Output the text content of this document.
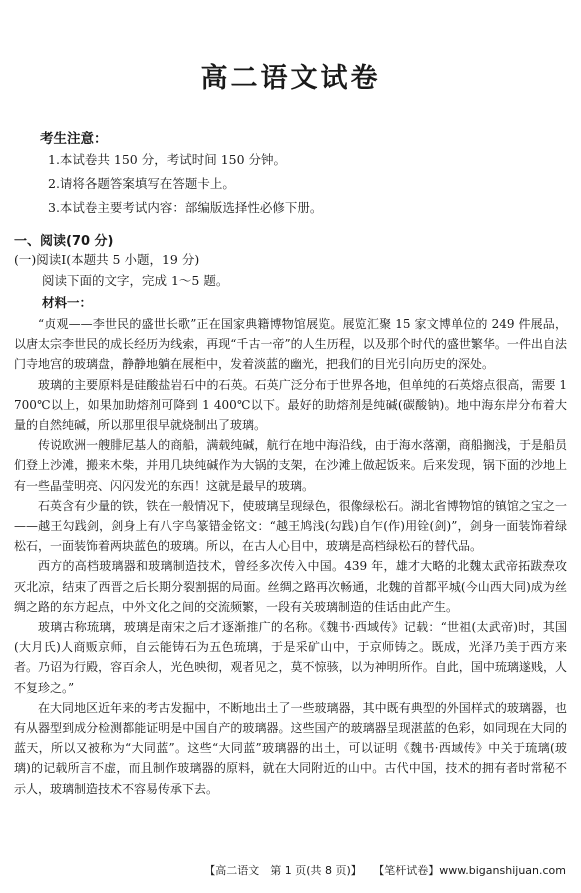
高二语文试卷
考生注意：
1.本试卷共 150 分，考试时间 150 分钟。
2.请将各题答案填写在答题卡上。
3.本试卷主要考试内容：部编版选择性必修下册。
一、阅读(70 分)
(一)阅读Ⅰ(本题共 5 小题，19 分)
阅读下面的文字，完成 1～5 题。
材料一：

“贞观——李世民的盛世长歌”正在国家典籍博物馆展览。展览汇聚 15 家文博单位的 249 件展品，以唐太宗李世民的成长经历为线索，再现“千古一帝”的人生历程，以及那个时代的盛世繁华。一件出自法门寺地宫的玻璃盘，静静地躺在展柜中，发着淡蓝的幽光，把我们的目光引向历史的深处。

玻璃的主要原料是硅酸盐岩石中的石英。石英广泛分布于世界各地，但单纯的石英熔点很高，需要 1 700℃以上，如果加助熔剂可降到 1 400℃以下。最好的助熔剂是纯碱(碳酸钠)。地中海东岸分布着大量的自然纯碱，所以那里很早就烧制出了玻璃。

传说欧洲一艘腓尼基人的商船，满载纯碱，航行在地中海沿线，由于海水落潮，商船搁浅，于是船员们登上沙滩，搬来木柴，并用几块纯碱作为大锅的支架，在沙滩上做起饭来。后来发现，锅下面的沙地上有一些晶莹明亮、闪闪发光的东西！这就是最早的玻璃。

石英含有少量的铁，铁在一般情况下，使玻璃呈现绿色，很像绿松石。湖北省博物馆的镇馆之宝之一——越王勾践剑，剑身上有八字鸟篆错金铭文：“越王鸠浅(勾践)自乍(作)用铨(剑)”，剑身一面装饰着绿松石，一面装饰着两块蓝色的玻璃。所以，在古人心目中，玻璃是高档绿松石的替代品。

西方的高档玻璃器和玻璃制造技术，曾经多次传入中国。439 年，雄才大略的北魏太武帝拓跋焘攻灭北凉，结束了西晋之后长期分裂割据的局面。丝绸之路再次畅通，北魏的首都平城(今山西大同)成为丝绸之路的东方起点，中外文化之间的交流频繁，一段有关玻璃制造的佳话由此产生。

玻璃古称琉璃，玻璃是南宋之后才逐渐推广的名称。《魏书·西域传》记载：“世祖(太武帝)时，其国(大月氏)人商贩京师，自云能铸石为五色琉璃，于是采矿山中，于京师铸之。既成，光泽乃美于西方来者。乃诏为行殿，容百余人，光色映彻，观者见之，莫不惊骇，以为神明所作。自此，国中琉璃遂贱，人不复珍之。”

在大同地区近年来的考古发掘中，不断地出土了一些玻璃器，其中既有典型的外国样式的玻璃器，也有从器型到成分检测都能证明是中国自产的玻璃器。这些国产的玻璃器呈现湛蓝的色彩，如同现在大同的蓝天，所以又被称为“大同蓝”。这些“大同蓝”玻璃器的出土，可以证明《魏书·西域传》中关于琉璃(玻璃)的记载所言不虚，而且制作玻璃器的原料，就在大同附近的山中。古代中国，技术的拥有者时常秘不示人，玻璃制造技术不容易传承下去。

【高二语文　第 1 页(共 8 页)】 【笔杆试卷】www.biganshijuan.com
